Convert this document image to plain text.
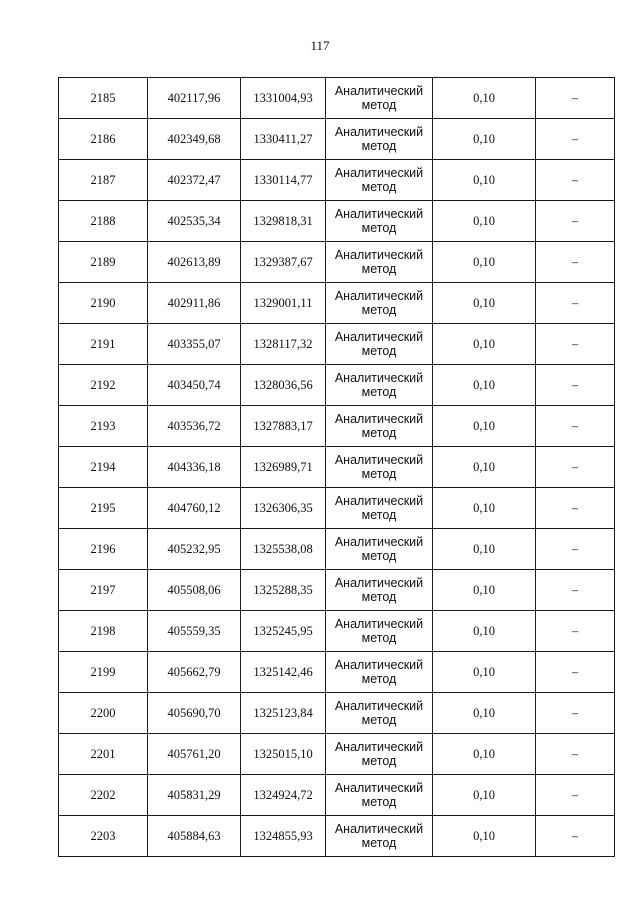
117
2185	402117,96	1331004,93	Аналитический
метод	0,10	–
2186	402349,68	1330411,27	Аналитический
метод	0,10	–
2187	402372,47	1330114,77	Аналитический
метод	0,10	–
2188	402535,34	1329818,31	Аналитический
метод	0,10	–
2189	402613,89	1329387,67	Аналитический
метод	0,10	–
2190	402911,86	1329001,11	Аналитический
метод	0,10	–
2191	403355,07	1328117,32	Аналитический
метод	0,10	–
2192	403450,74	1328036,56	Аналитический
метод	0,10	–
2193	403536,72	1327883,17	Аналитический
метод	0,10	–
2194	404336,18	1326989,71	Аналитический
метод	0,10	–
2195	404760,12	1326306,35	Аналитический
метод	0,10	–
2196	405232,95	1325538,08	Аналитический
метод	0,10	–
2197	405508,06	1325288,35	Аналитический
метод	0,10	–
2198	405559,35	1325245,95	Аналитический
метод	0,10	–
2199	405662,79	1325142,46	Аналитический
метод	0,10	–
2200	405690,70	1325123,84	Аналитический
метод	0,10	–
2201	405761,20	1325015,10	Аналитический
метод	0,10	–
2202	405831,29	1324924,72	Аналитический
метод	0,10	–
2203	405884,63	1324855,93	Аналитический
метод	0,10	–
